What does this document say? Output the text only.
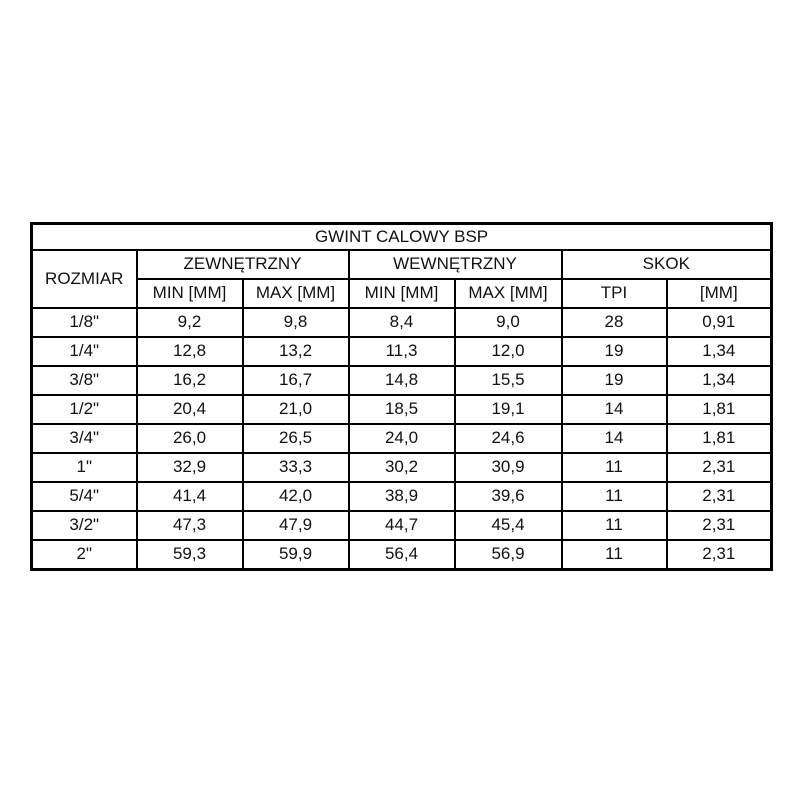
GWINT CALOWY BSP						
ROZMIAR	ZEWNĘTRZNY		WEWNĘTRZNY		SKOK	
	MIN [MM]	MAX [MM]	MIN [MM]	MAX [MM]	TPI	[MM]
1/8"	9,2	9,8	8,4	9,0	28	0,91
1/4"	12,8	13,2	11,3	12,0	19	1,34
3/8"	16,2	16,7	14,8	15,5	19	1,34
1/2"	20,4	21,0	18,5	19,1	14	1,81
3/4"	26,0	26,5	24,0	24,6	14	1,81
1"	32,9	33,3	30,2	30,9	11	2,31
5/4"	41,4	42,0	38,9	39,6	11	2,31
3/2"	47,3	47,9	44,7	45,4	11	2,31
2"	59,3	59,9	56,4	56,9	11	2,31
